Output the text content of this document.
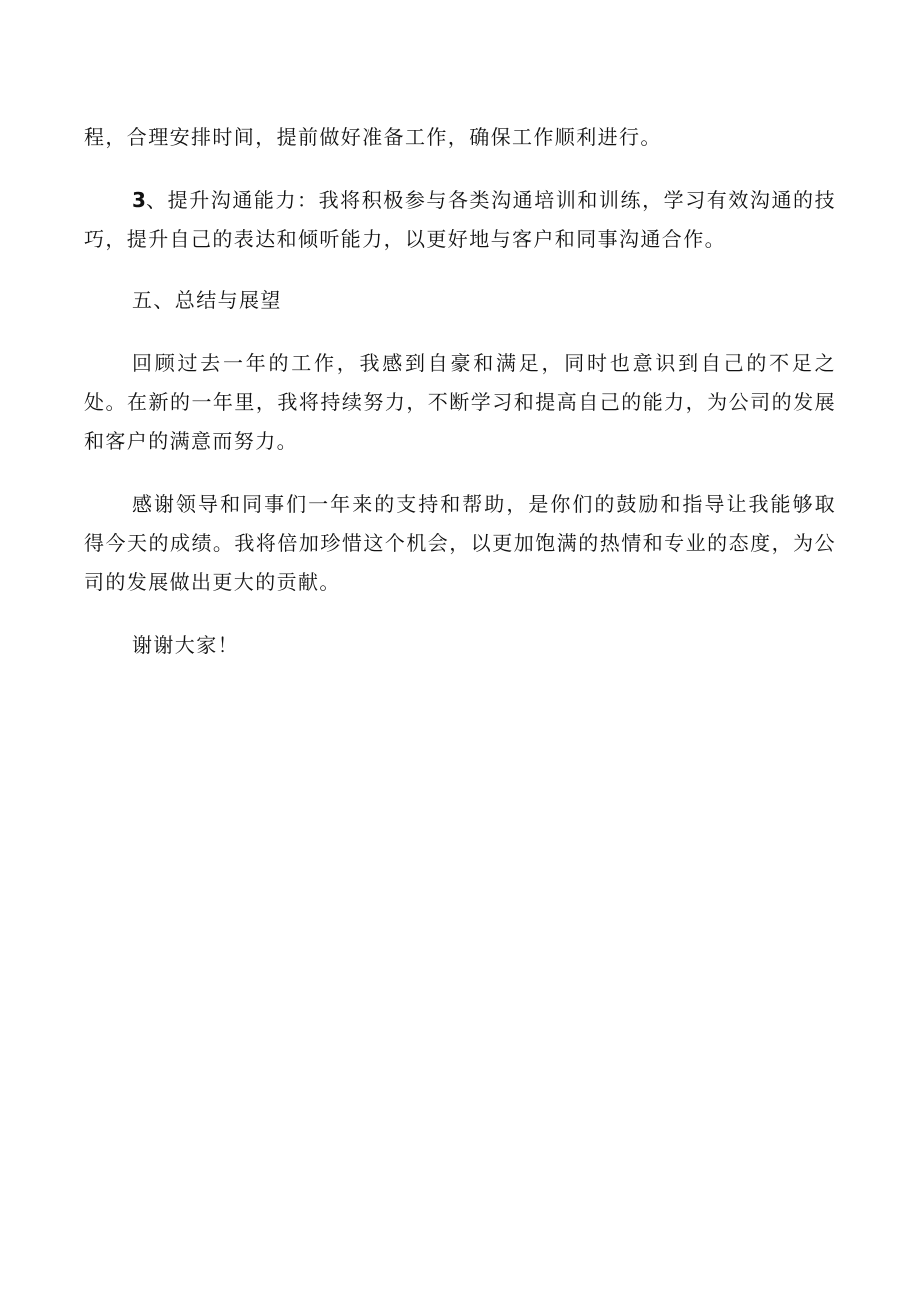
程，合理安排时间，提前做好准备工作，确保工作顺利进行。

3、提升沟通能力：我将积极参与各类沟通培训和训练，学习有效沟通的技巧，提升自己的表达和倾听能力，以更好地与客户和同事沟通合作。

五、总结与展望

回顾过去一年的工作，我感到自豪和满足，同时也意识到自己的不足之处。在新的一年里，我将持续努力，不断学习和提高自己的能力，为公司的发展和客户的满意而努力。

感谢领导和同事们一年来的支持和帮助，是你们的鼓励和指导让我能够取得今天的成绩。我将倍加珍惜这个机会，以更加饱满的热情和专业的态度，为公司的发展做出更大的贡献。

谢谢大家！
